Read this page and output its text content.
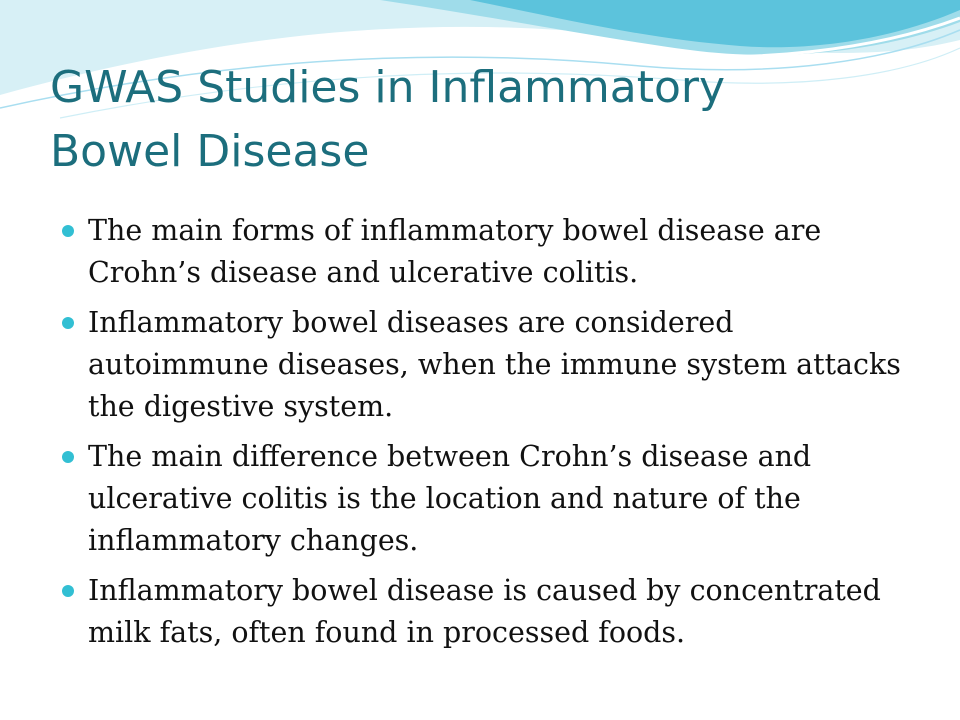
GWAS Studies in Inflammatory
Bowel Disease
The main forms of inflammatory bowel disease are Crohn’s disease and ulcerative colitis.
Inflammatory bowel diseases are considered autoimmune diseases, when the immune system attacks the digestive system.
The main difference between Crohn’s disease and ulcerative colitis is the location and nature of the inflammatory changes.
Inflammatory bowel disease is caused by concentrated milk fats, often found in processed foods.
